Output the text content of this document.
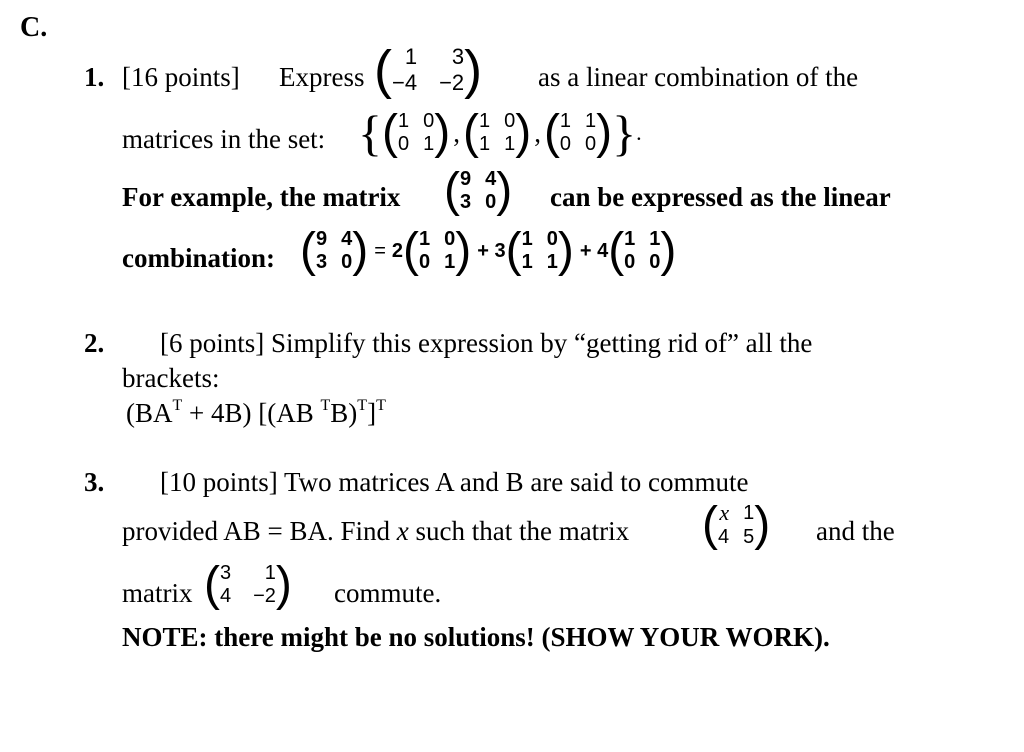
C.
1. [16 points] Express ( 1	3
−4 −2 ) as a linear combination of the
matrices in the set: { ( 1 0
0 1 ) , ( 1 0
1 1 ) , ( 1 1
0 0 ) } .
For example, the matrix ( 9 4
3 0 ) can be expressed as the linear
combination: ( 9 4
3 0 ) = 2 ( 1 0
0 1 ) + 3 ( 1 0
1 1 ) + 4 ( 1 1
0 0 )
2. [6 points] Simplify this expression by “getting rid of” all the
brackets:
$(BA^T + 4B)$ [(AB $^T$B)$^T$]$^T$
3. [10 points] Two matrices A and B are said to commute
provided AB = BA. Find x such that the matrix ( x 1
4 5 ) and the
matrix ( 3	1
4 −2 ) commute.
NOTE: there might be no solutions! (SHOW YOUR WORK).
